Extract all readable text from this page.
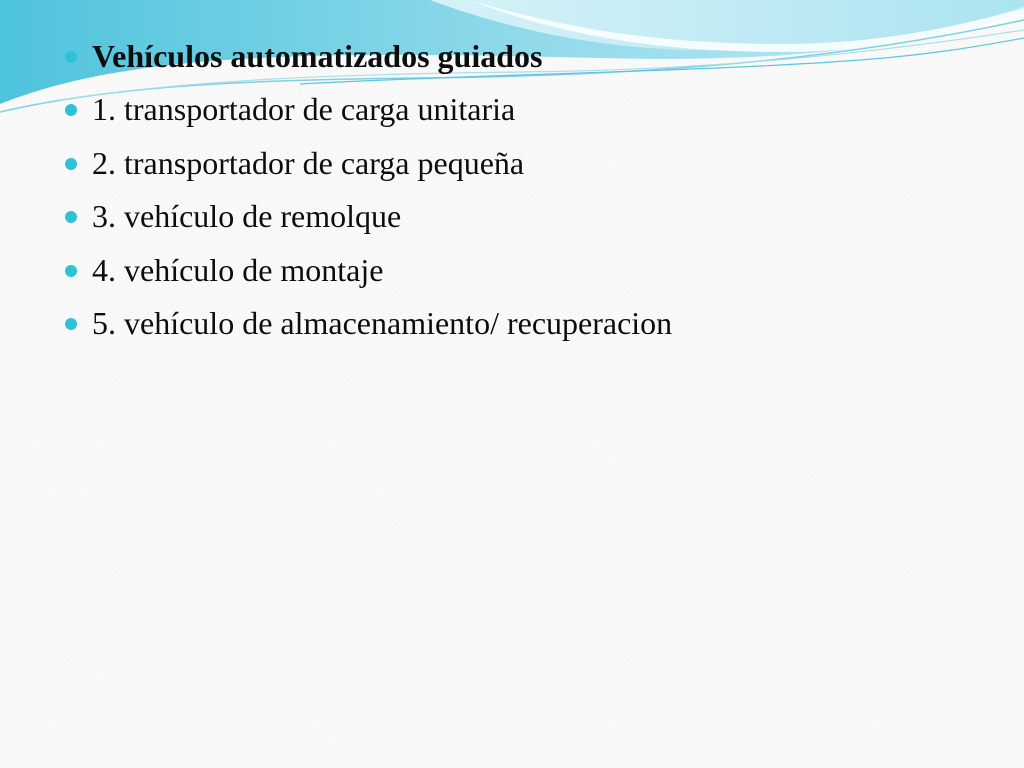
Vehículos automatizados guiados
1. transportador de carga unitaria
2. transportador de carga pequeña
3. vehículo de remolque
4. vehículo de montaje
5. vehículo de almacenamiento/ recuperacion
